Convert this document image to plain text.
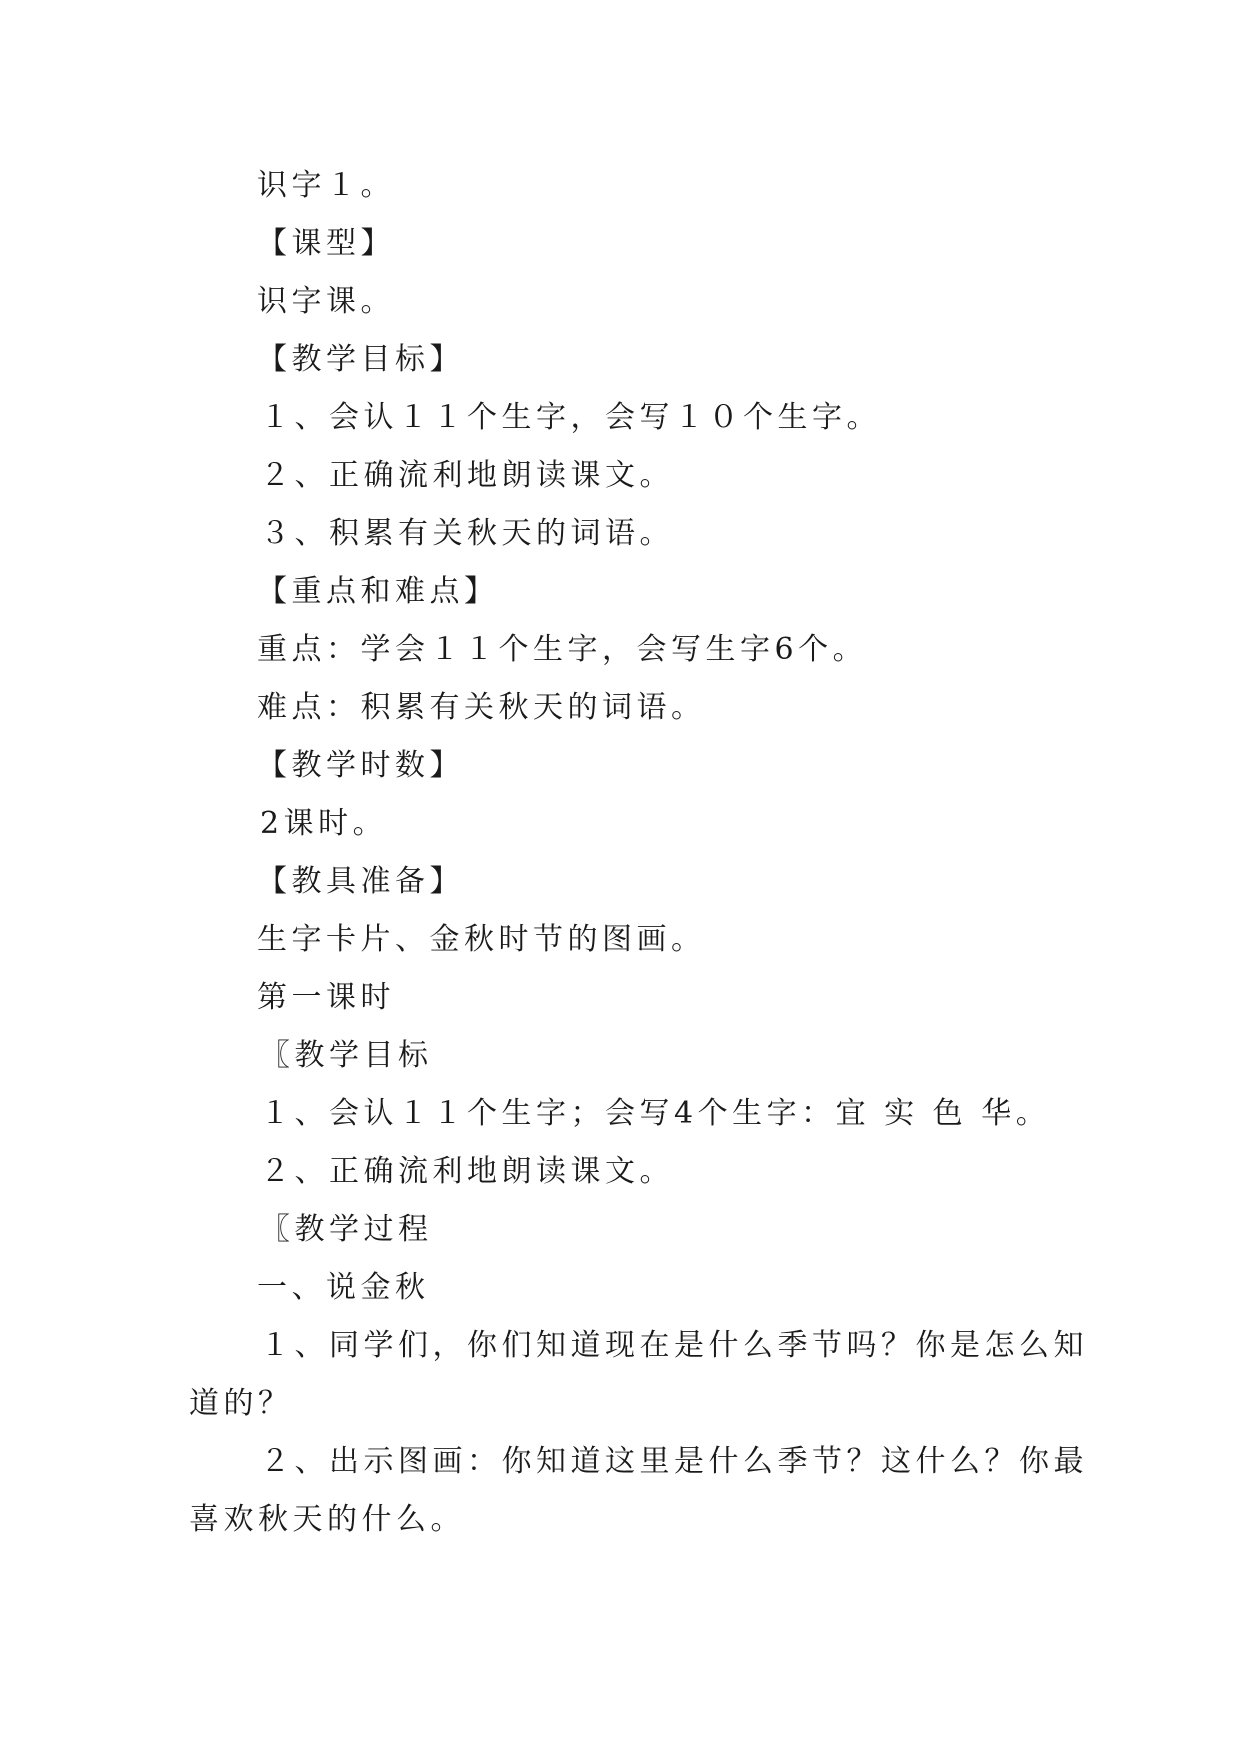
识字１。
【课型】
识字课。
【教学目标】
１、会认１１个生字，会写１０个生字。
２、正确流利地朗读课文。
３、积累有关秋天的词语。
【重点和难点】
重点：学会１１个生字，会写生字6个。
难点：积累有关秋天的词语。
【教学时数】
2课时。
【教具准备】
生字卡片、金秋时节的图画。
第一课时
〖教学目标
１、会认１１个生字；会写4个生字：宜 实 色 华。
２、正确流利地朗读课文。
〖教学过程
一、说金秋
１、同学们，你们知道现在是什么季节吗？你是怎么知
道的？
２、出示图画：你知道这里是什么季节？这什么？你最
喜欢秋天的什么。
